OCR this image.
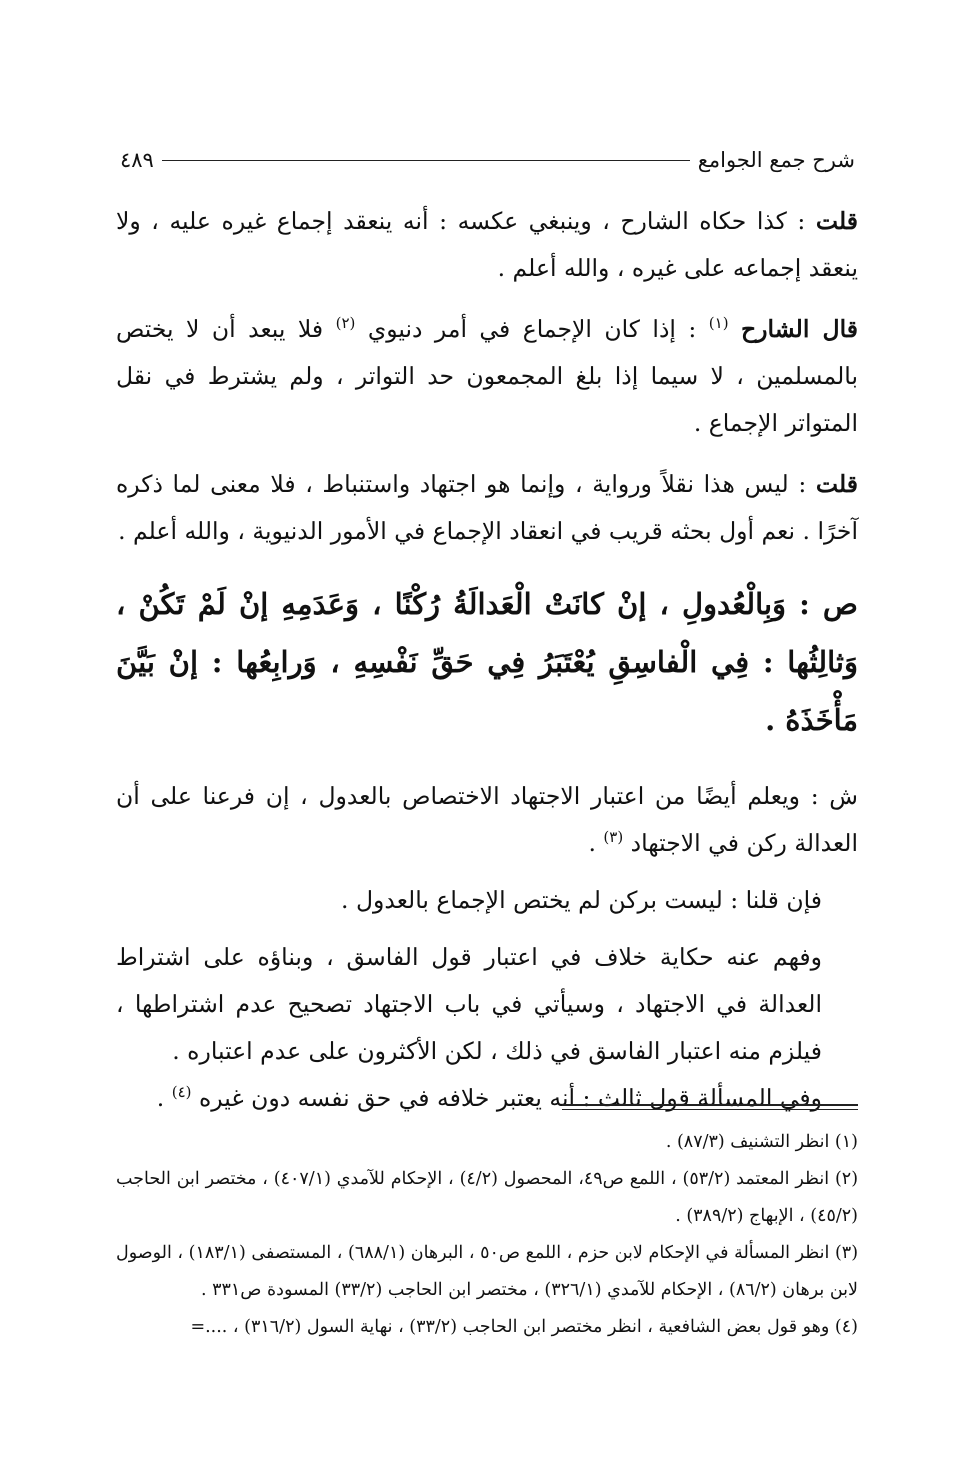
شرح جمع الجوامع
٤٨٩

قلت : كذا حكاه الشارح ، وينبغي عكسه : أنه ينعقد إجماع غيره عليه ، ولا ينعقد إجماعه على غيره ، والله أعلم .

قال الشارح $^{(١)}$ : إذا كان الإجماع في أمر دنيوي $^{(٢)}$ فلا يبعد أن لا يختص بالمسلمين ، لا سيما إذا بلغ المجمعون حد التواتر ، ولم يشترط في نقل المتواتر الإجماع .

قلت : ليس هذا نقلاً ورواية ، وإنما هو اجتهاد واستنباط ، فلا معنى لما ذكره آخرًا . نعم أول بحثه قريب في انعقاد الإجماع في الأمور الدنيوية ، والله أعلم .

ص : وَبِالْعُدولِ ، إنْ كانَتْ الْعَدالَةُ رُكْنًا ، وَعَدَمِهِ إنْ لَمْ تَكُنْ ، وَثالِثُها : فِي الْفاسِقِ يُعْتَبَرُ فِي حَقِّ نَفْسِهِ ، وَرابِعُها : إنْ بَيَّنَ مَأْخَذَهُ .

ش : ويعلم أيضًا من اعتبار الاجتهاد الاختصاص بالعدول ، إن فرعنا على أن العدالة ركن في الاجتهاد $^{(٣)}$ .

فإن قلنا : ليست بركن لم يختص الإجماع بالعدول .

وفهم عنه حكاية خلاف في اعتبار قول الفاسق ، وبناؤه على اشتراط العدالة في الاجتهاد ، وسيأتي في باب الاجتهاد تصحيح عدم اشتراطها ، فيلزم منه اعتبار الفاسق في ذلك ، لكن الأكثرون على عدم اعتباره .

وفي المسألة قول ثالث : أنه يعتبر خلافه في حق نفسه دون غيره $^{(٤)}$ .

(١) انظر التشنيف (٨٧/٣) .

(٢) انظر المعتمد (٥٣/٢) ، اللمع ص٤٩، المحصول (٤/٢) ، الإحكام للآمدي (٤٠٧/١) ، مختصر ابن الحاجب (٤٥/٢) ، الإبهاج (٣٨٩/٢) .

(٣) انظر المسألة في الإحكام لابن حزم ، اللمع ص٥٠ ، البرهان (٦٨٨/١) ، المستصفى (١٨٣/١) ، الوصول لابن برهان (٨٦/٢) ، الإحكام للآمدي (٣٢٦/١) ، مختصر ابن الحاجب (٣٣/٢) المسودة ص٣٣١ .

(٤) وهو قول بعض الشافعية ، انظر مختصر ابن الحاجب (٣٣/٢) ، نهاية السول (٣١٦/٢) ، ....=
